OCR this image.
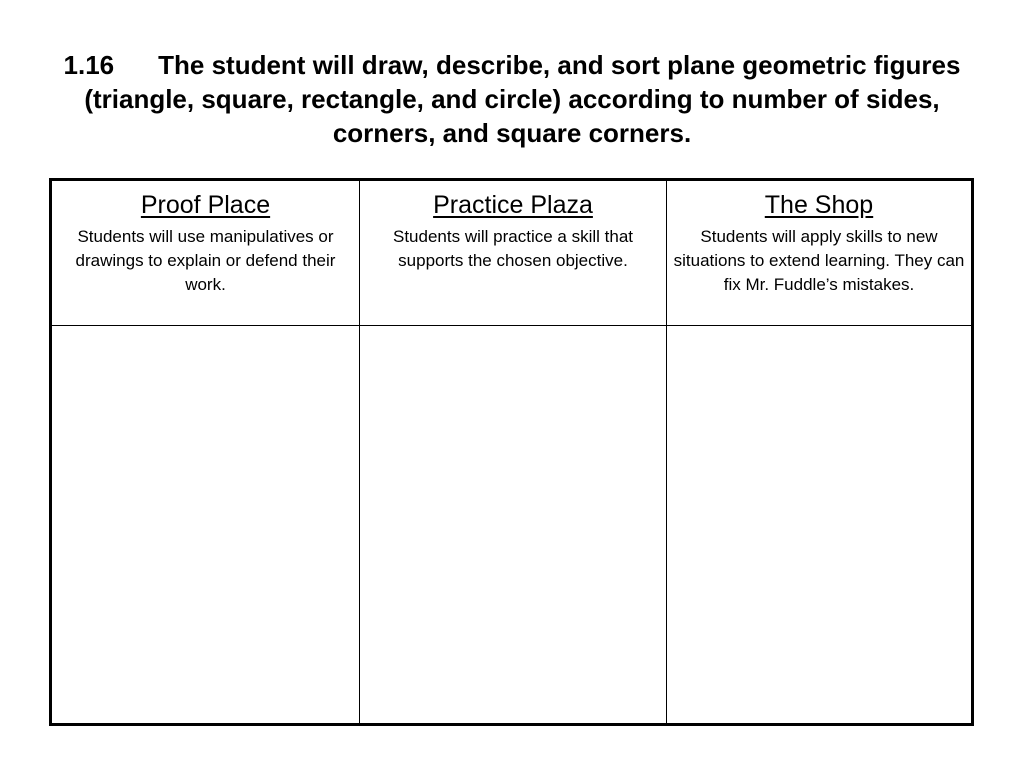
1.16 The student will draw, describe, and sort plane geometric figures (triangle, square, rectangle, and circle) according to number of sides, corners, and square corners.
Proof Place
Students will use manipulatives or drawings to explain or defend their work.
Practice Plaza
Students will practice a skill that supports the chosen objective.
The Shop
Students will apply skills to new situations to extend learning. They can fix Mr. Fuddle’s mistakes.
